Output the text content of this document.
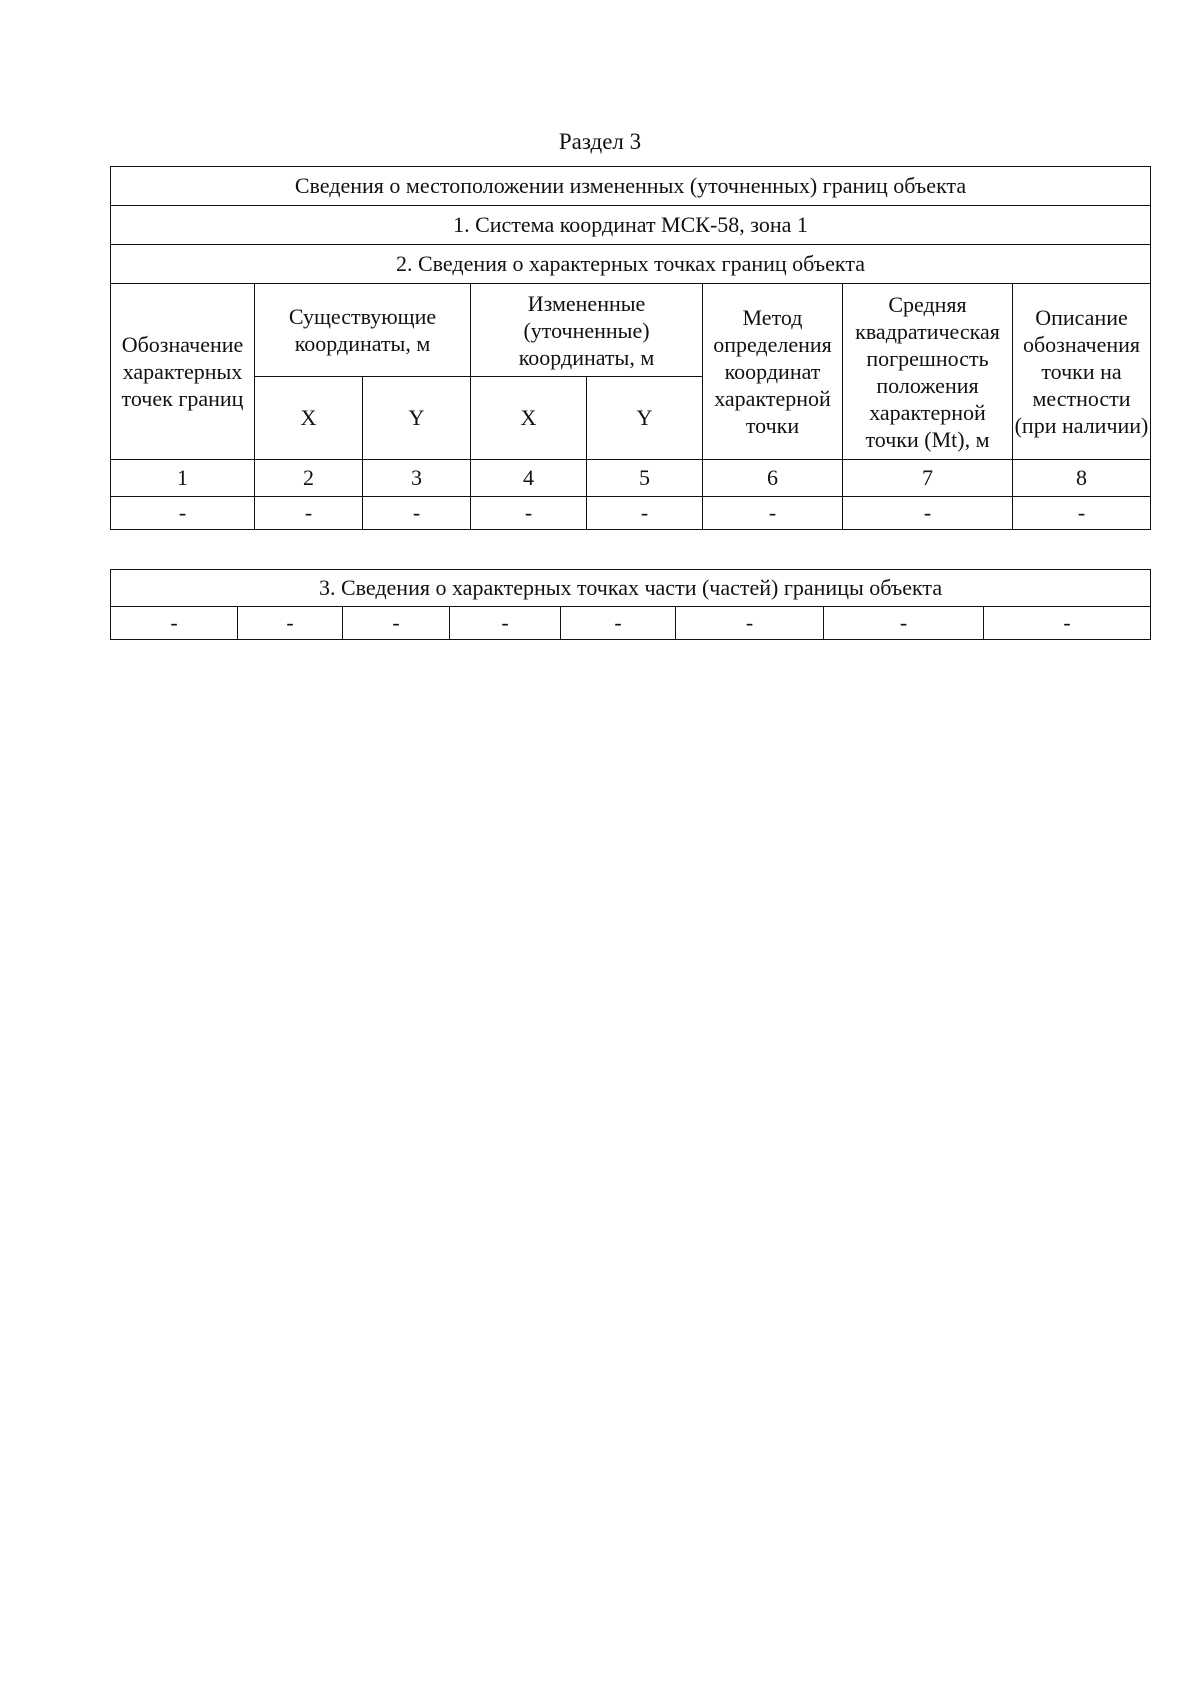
Раздел 3
Сведения о местоположении измененных (уточненных) границ объекта							
1. Система координат МСК-58, зона 1							
2. Сведения о характерных точках границ объекта							
Обозначение характерных точек границ	Существующие координаты, м		Измененные (уточненные) координаты, м		Метод определения координат характерной точки	Средняя квадратическая погрешность положения характерной точки (Mt), м	Описание обозначения точки на местности (при наличии)
	X	Y	X	Y			
1	2	3	4	5	6	7	8
-	-	-	-	-	-	-	-
3. Сведения о характерных точках части (частей) границы объекта
-	-	-	-	-	-	-	-
